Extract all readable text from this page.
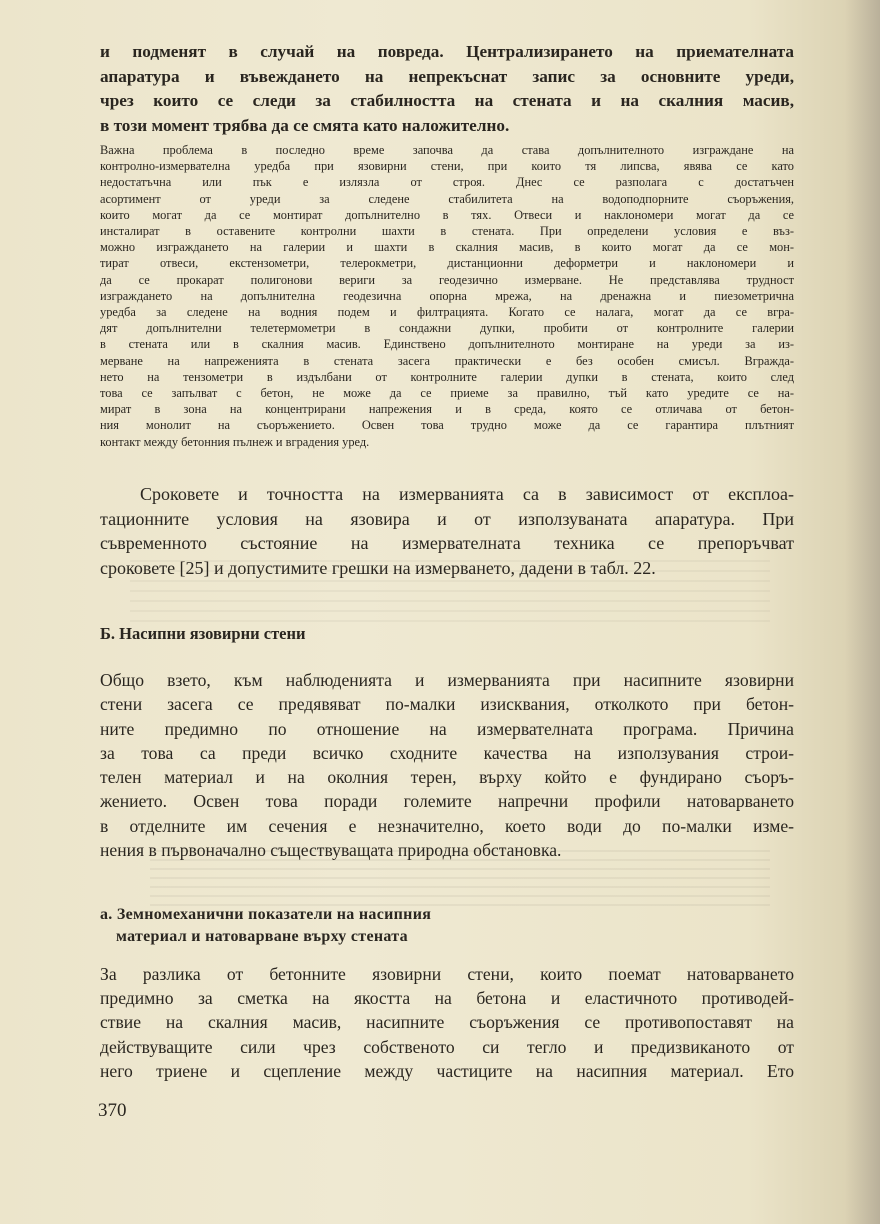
и подменят в случай на повреда. Централизирането на приемателната
апаратура и въвеждането на непрекъснат запис за основните уреди,
чрез които се следи за стабилността на стената и на скалния масив,
в този момент трябва да се смята като наложително.
Важна проблема в последно време започва да става допълнителното изграждане на
контролно-измервателна уредба при язовирни стени, при които тя липсва, явява се като
недостатъчна или пък е излязла от строя. Днес се разполага с достатъчен
асортимент от уреди за следене стабилитета на водоподпорните съоръжения,
които могат да се монтират допълнително в тях. Отвеси и наклономери могат да се
инсталират в оставените контролни шахти в стената. При определени условия е въз-
можно изграждането на галерии и шахти в скалния масив, в които могат да се мон-
тират отвеси, екстензометри, телерокметри, дистанционни деформетри и наклономери и
да се прокарат полигонови вериги за геодезично измерване. Не представлява трудност
изграждането на допълнителна геодезична опорна мрежа, на дренажна и пиезометрична
уредба за следене на водния подем и филтрацията. Когато се налага, могат да се вгра-
дят допълнителни телетермометри в сондажни дупки, пробити от контролните галерии
в стената или в скалния масив. Единствено допълнителното монтиране на уреди за из-
мерване на напреженията в стената засега практически е без особен смисъл. Вгражда-
нето на тензометри в издълбани от контролните галерии дупки в стената, които след
това се запълват с бетон, не може да се приеме за правилно, тъй като уредите се на-
мират в зона на концентрирани напрежения и в среда, която се отличава от бетон-
ния монолит на съоръжението. Освен това трудно може да се гарантира плътният
контакт между бетонния пълнеж и вградения уред.
Сроковете и точността на измерванията са в зависимост от експлоа-
тационните условия на язовира и от използуваната апаратура. При
съвременното състояние на измервателната техника се препоръчват
сроковете [25] и допустимите грешки на измерването, дадени в табл. 22.
Б. Насипни язовирни стени
Общо взето, към наблюденията и измерванията при насипните язовирни
стени засега се предявяват по-малки изисквания, отколкото при бетон-
ните предимно по отношение на измервателната програма. Причина
за това са преди всичко сходните качества на използувания строи-
телен материал и на околния терен, върху който е фундирано съоръ-
жението. Освен това поради големите напречни профили натоварването
в отделните им сечения е незначително, което води до по-малки изме-
нения в първоначално съществуващата природна обстановка.
а. Земномеханични показатели на насипния
материал и натоварване върху стената
За разлика от бетонните язовирни стени, които поемат натоварването
предимно за сметка на якостта на бетона и еластичното противодей-
ствие на скалния масив, насипните съоръжения се противопоставят на
действуващите сили чрез собственото си тегло и предизвиканото от
него триене и сцепление между частиците на насипния материал. Ето
370
